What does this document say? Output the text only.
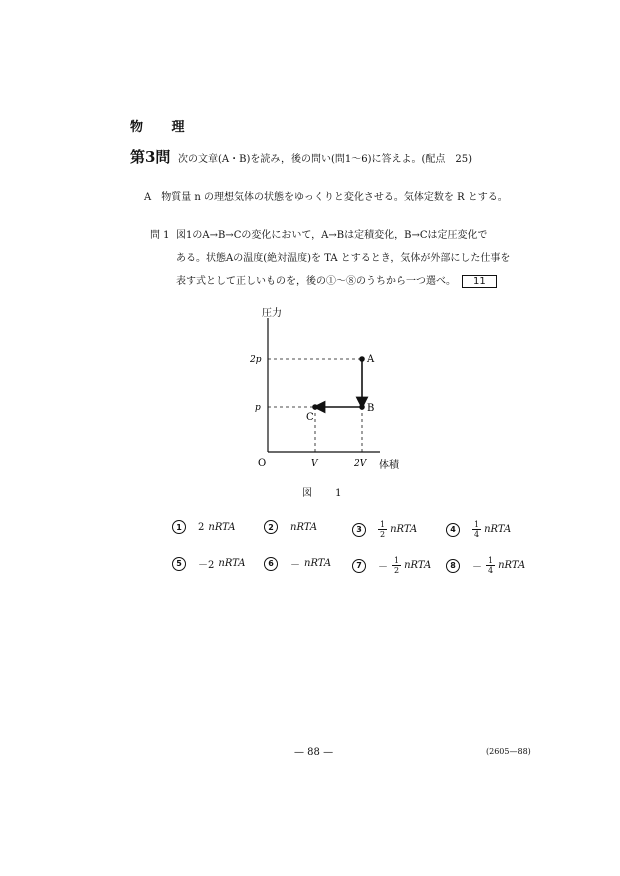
物 理
第3問 次の文章(A・B)を読み，後の問い(問1～6)に答えよ。(配点　25)
A　物質量 n の理想気体の状態をゆっくりと変化させる。気体定数を R とする。
問 1 図1のA→B→Cの変化において，A→Bは定積変化，B→Cは定圧変化で
ある。状態Aの温度(絶対温度)を TA とするとき，気体が外部にした仕事を
表す式として正しいものを，後の①～⑧のうちから一つ選べ。 11
圧力
体積
O
2p
p
V	2V
A
B
C
図 1
1	2 nRTA	2	nRTA	3	$\frac{1}{2}$ nRTA	4	$\frac{1}{4}$ nRTA
5	－2 nRTA	6	－ nRTA	7	－ $\frac{1}{2}$ nRTA	8	－ $\frac{1}{4}$ nRTA
— 88 —	(2605—88)
